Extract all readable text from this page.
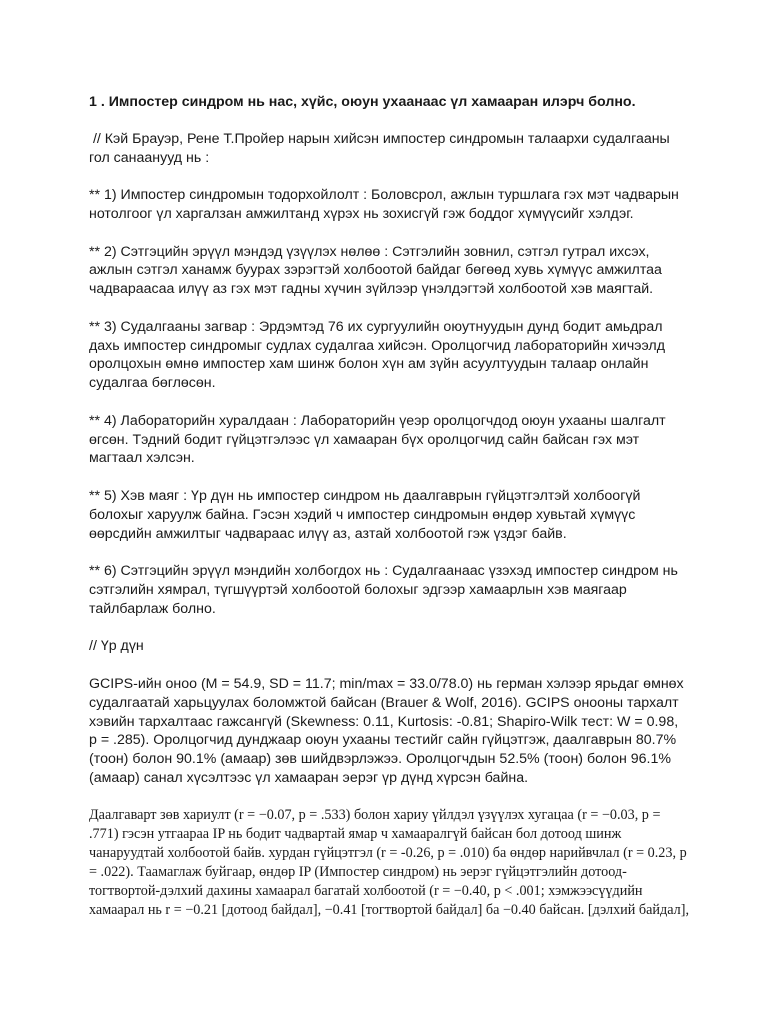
1 . Импостер синдром нь нас, хүйс, оюун ухаанаас үл хамааран илэрч болно.

// Кэй Брауэр, Рене Т.Пройер нарын хийсэн импостер синдромын талаархи судалгааны гол санаанууд нь :

** 1) Импостер синдромын тодорхойлолт : Боловсрол, ажлын туршлага гэх мэт чадварын нотолгоог үл харгалзан амжилтанд хүрэх нь зохисгүй гэж боддог хүмүүсийг хэлдэг.

** 2) Сэтгэцийн эрүүл мэндэд үзүүлэх нөлөө : Сэтгэлийн зовнил, сэтгэл гутрал ихсэх, ажлын сэтгэл ханамж буурах зэрэгтэй холбоотой байдаг бөгөөд хувь хүмүүс амжилтаа чадвараасаа илүү аз гэх мэт гадны хүчин зүйлээр үнэлдэгтэй холбоотой хэв маягтай.

** 3) Судалгааны загвар : Эрдэмтэд 76 их сургуулийн оюутнуудын дунд бодит амьдрал дахь импостер синдромыг судлах судалгаа хийсэн. Оролцогчид лабораторийн хичээлд оролцохын өмнө импостер хам шинж болон хүн ам зүйн асуултуудын талаар онлайн судалгаа бөглөсөн.

** 4) Лабораторийн хуралдаан : Лабораторийн үеэр оролцогчдод оюун ухааны шалгалт өгсөн. Тэдний бодит гүйцэтгэлээс үл хамааран бүх оролцогчид сайн байсан гэх мэт магтаал хэлсэн.

** 5) Хэв маяг : Үр дүн нь импостер синдром нь даалгаврын гүйцэтгэлтэй холбоогүй болохыг харуулж байна. Гэсэн хэдий ч импостер синдромын өндөр хувьтай хүмүүс өөрсдийн амжилтыг чадвараас илүү аз, азтай холбоотой гэж үздэг байв.

** 6) Сэтгэцийн эрүүл мэндийн холбогдох нь : Судалгаанаас үзэхэд импостер синдром нь сэтгэлийн хямрал, түгшүүртэй холбоотой болохыг эдгээр хамаарлын хэв маягаар тайлбарлаж болно.

// Үр дүн

GCIPS-ийн оноо (M = 54.9, SD = 11.7; min/max = 33.0/78.0) нь герман хэлээр ярьдаг өмнөх судалгаатай харьцуулах боломжтой байсан (Brauer & Wolf, 2016). GCIPS онооны тархалт хэвийн тархалтаас гажсангүй (Skewness: 0.11, Kurtosis: -0.81; Shapiro-Wilk тест: W = 0.98, p = .285). Оролцогчид дунджаар оюун ухааны тестийг сайн гүйцэтгэж, даалгаврын 80.7% (тоон) болон 90.1% (амаар) зөв шийдвэрлэжээ. Оролцогчдын 52.5% (тоон) болон 96.1% (амаар) санал хүсэлтээс үл хамааран эерэг үр дүнд хүрсэн байна.

Даалгаварт зөв хариулт (r = −0.07, p = .533) болон хариу үйлдэл үзүүлэх хугацаа (r = −0.03, p = .771) гэсэн утгаараа IP нь бодит чадвартай ямар ч хамааралгүй байсан бол дотоод шинж чанаруудтай холбоотой байв. хурдан гүйцэтгэл (r = -0.26, p = .010) ба өндөр нарийвчлал (r = 0.23, p = .022). Таамаглаж буйгаар, өндөр IP (Импостер синдром) нь эерэг гүйцэтгэлийн дотоод-тогтвортой-дэлхий дахины хамаарал багатай холбоотой (r = −0.40, p < .001; хэмжээсүүдийн хамаарал нь r = −0.21 [дотоод байдал], −0.41 [тогтвортой байдал] ба −0.40 байсан. [дэлхий байдал],
